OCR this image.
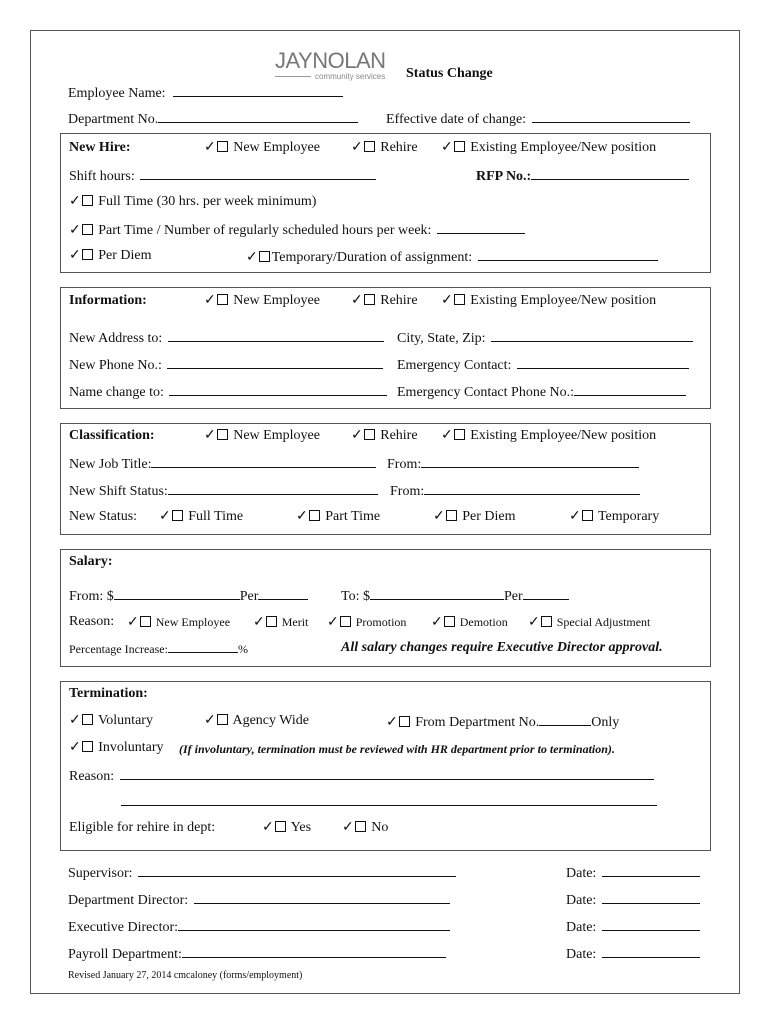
JAYNOLAN
community services Status Change
Employee Name:
Department No.	Effective date of change:
New Hire:	✓ New Employee ✓ Rehire ✓ Existing Employee/New position
Shift hours:	RFP No.:
✓ Full Time (30 hrs. per week minimum)
✓ Part Time / Number of regularly scheduled hours per week:
✓ Per Diem	✓ Temporary/Duration of assignment:
Information:	✓ New Employee ✓ Rehire ✓ Existing Employee/New position
New Address to:	City, State, Zip:
New Phone No.:	Emergency Contact:
Name change to:	Emergency Contact Phone No.:
Classification:	✓ New Employee ✓ Rehire ✓ Existing Employee/New position
New Job Title:	From:
New Shift Status:	From:
New Status: ✓ Full Time	✓ Part Time	✓ Per Diem	✓ Temporary
Salary:
From: $	Per	To: $	Per
Reason: ✓ New Employee ✓ Merit ✓ Promotion ✓ Demotion ✓ Special Adjustment
Percentage Increase:	%	All salary changes require Executive Director approval.
Termination:
✓ Voluntary	✓ Agency Wide	✓ From Department No.	Only
✓ Involuntary (If involuntary, termination must be reviewed with HR department prior to termination).
Reason:
Eligible for rehire in dept:	✓ Yes ✓ No
Supervisor:	Date:
Department Director:	Date:
Executive Director:	Date:
Payroll Department:	Date:
Revised January 27, 2014 cmcaloney (forms/employment)
